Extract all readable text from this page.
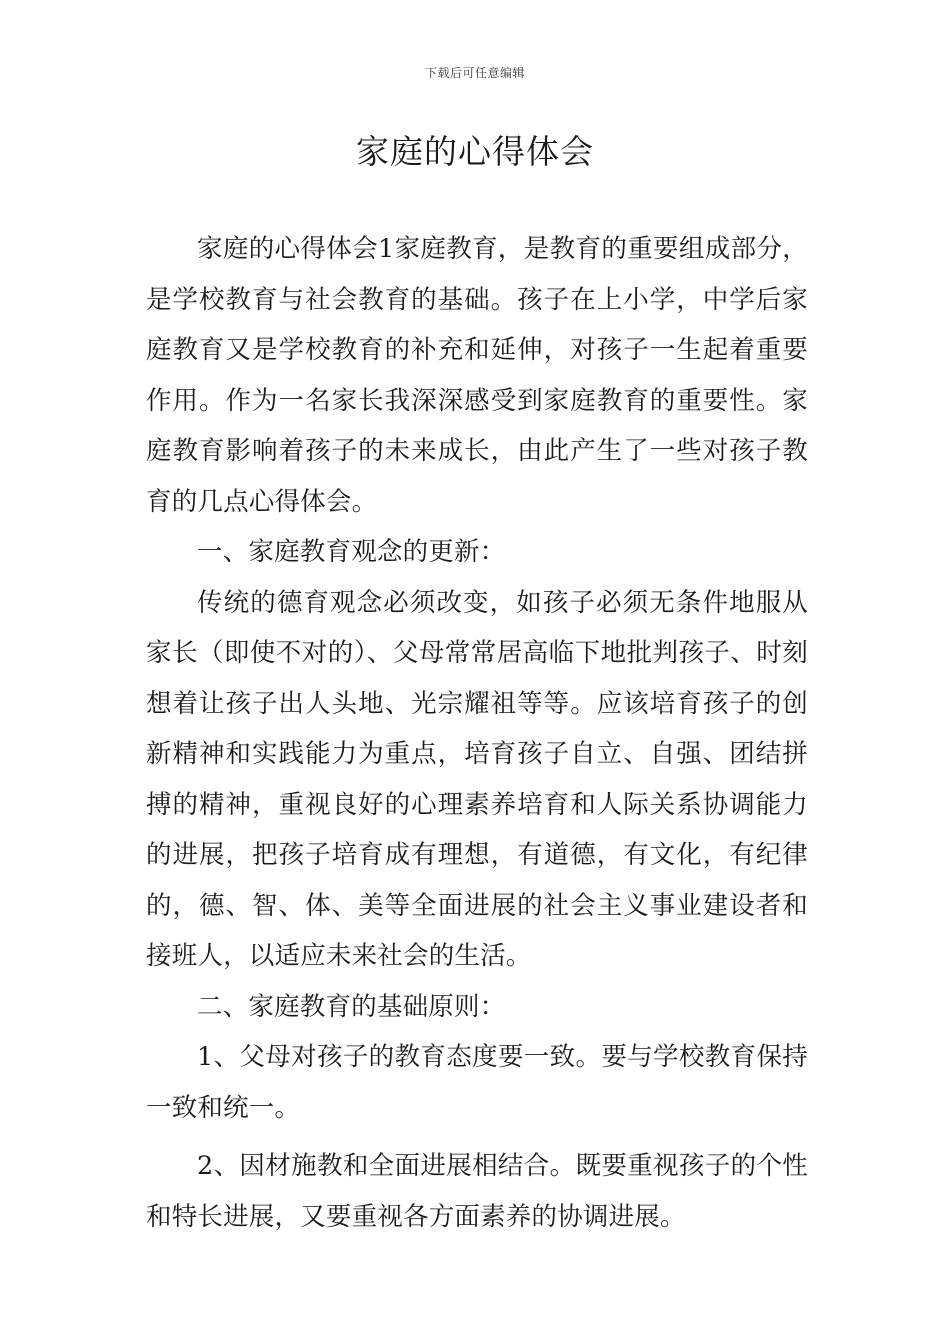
下载后可任意编辑
家庭的心得体会

家庭的心得体会1家庭教育，是教育的重要组成部分，是学校教育与社会教育的基础。孩子在上小学，中学后家庭教育又是学校教育的补充和延伸，对孩子一生起着重要作用。作为一名家长我深深感受到家庭教育的重要性。家庭教育影响着孩子的未来成长，由此产生了一些对孩子教育的几点心得体会。

一、家庭教育观念的更新：

传统的德育观念必须改变，如孩子必须无条件地服从家长（即使不对的）、父母常常居高临下地批判孩子、时刻想着让孩子出人头地、光宗耀祖等等。应该培育孩子的创新精神和实践能力为重点，培育孩子自立、自强、团结拼搏的精神，重视良好的心理素养培育和人际关系协调能力的进展，把孩子培育成有理想，有道德，有文化，有纪律的，德、智、体、美等全面进展的社会主义事业建设者和接班人，以适应未来社会的生活。

二、家庭教育的基础原则：

1、父母对孩子的教育态度要一致。要与学校教育保持一致和统一。

2、因材施教和全面进展相结合。既要重视孩子的个性和特长进展，又要重视各方面素养的协调进展。
